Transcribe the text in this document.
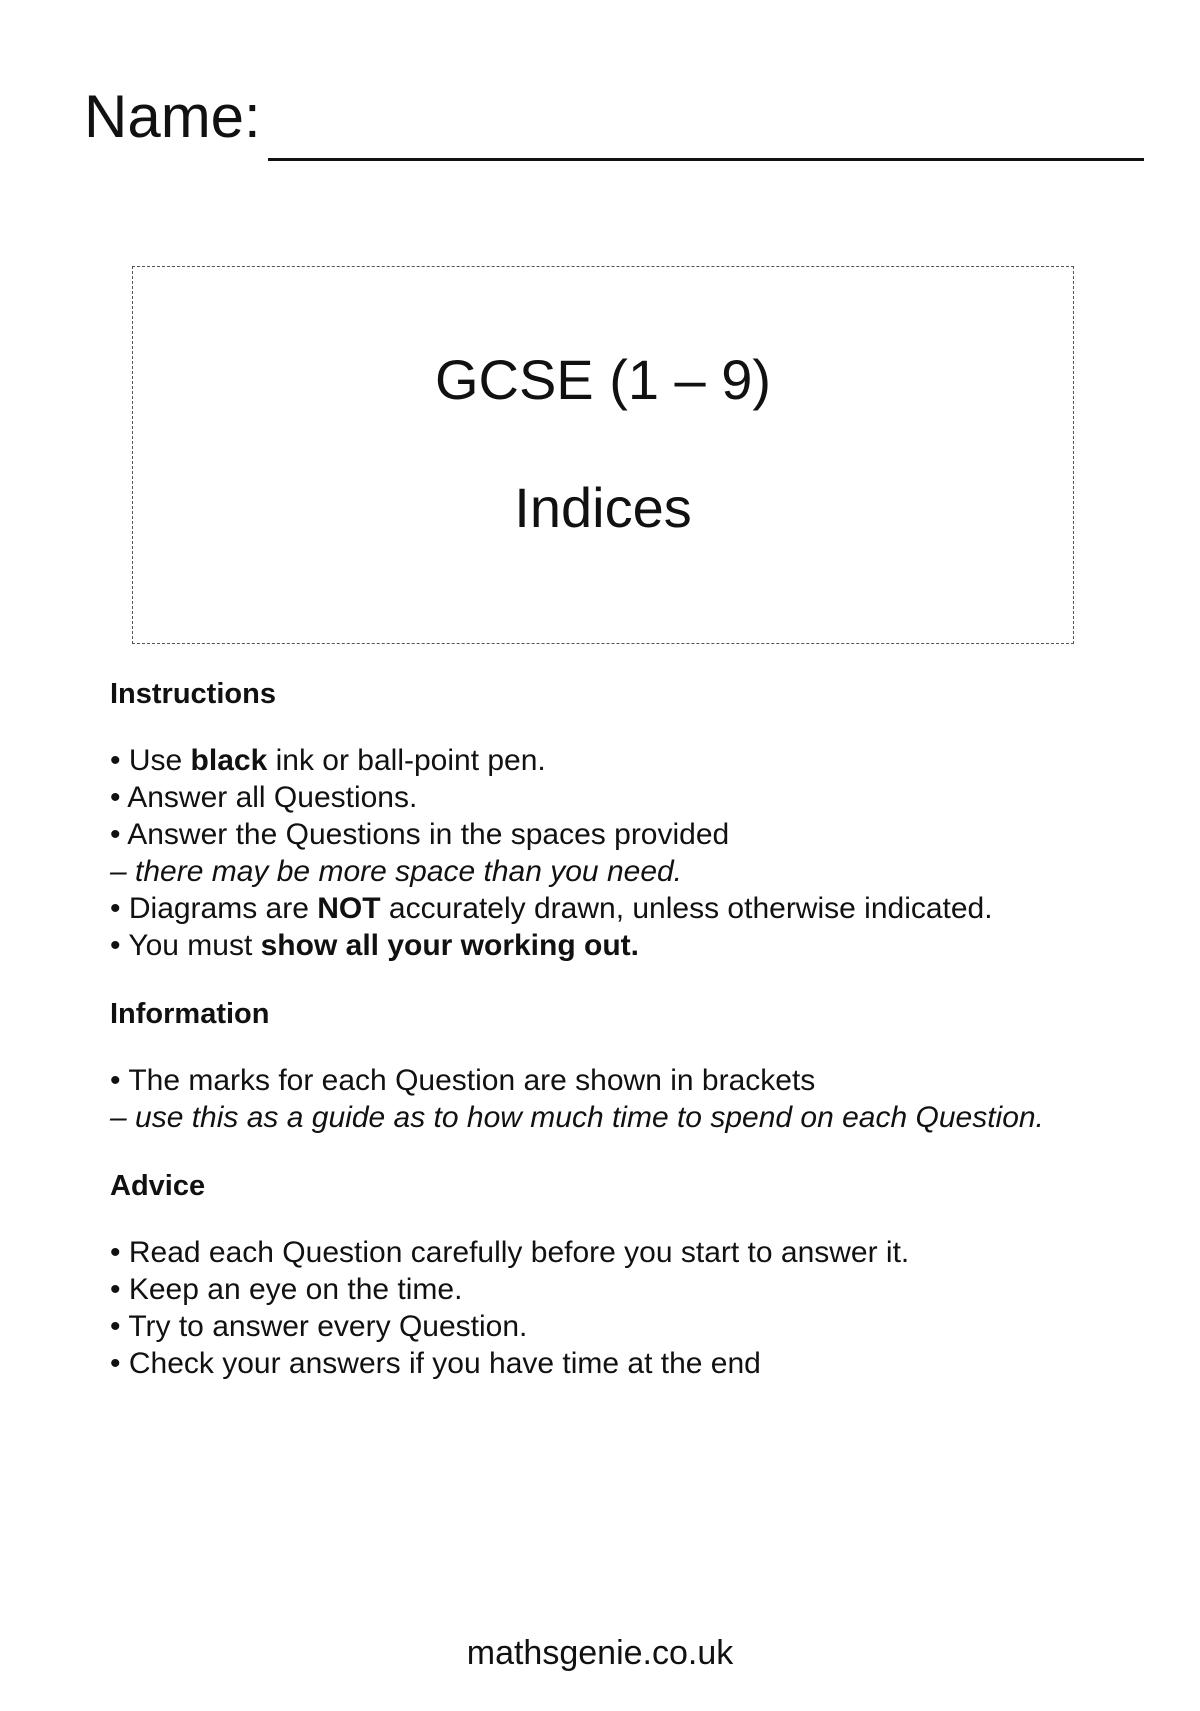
Name:
GCSE (1 – 9)
Indices
Instructions
• Use black ink or ball-point pen.
• Answer all Questions.
• Answer the Questions in the spaces provided
– there may be more space than you need.
• Diagrams are NOT accurately drawn, unless otherwise indicated.
• You must show all your working out.
Information
• The marks for each Question are shown in brackets
– use this as a guide as to how much time to spend on each Question.
Advice
• Read each Question carefully before you start to answer it.
• Keep an eye on the time.
• Try to answer every Question.
• Check your answers if you have time at the end
mathsgenie.co.uk
